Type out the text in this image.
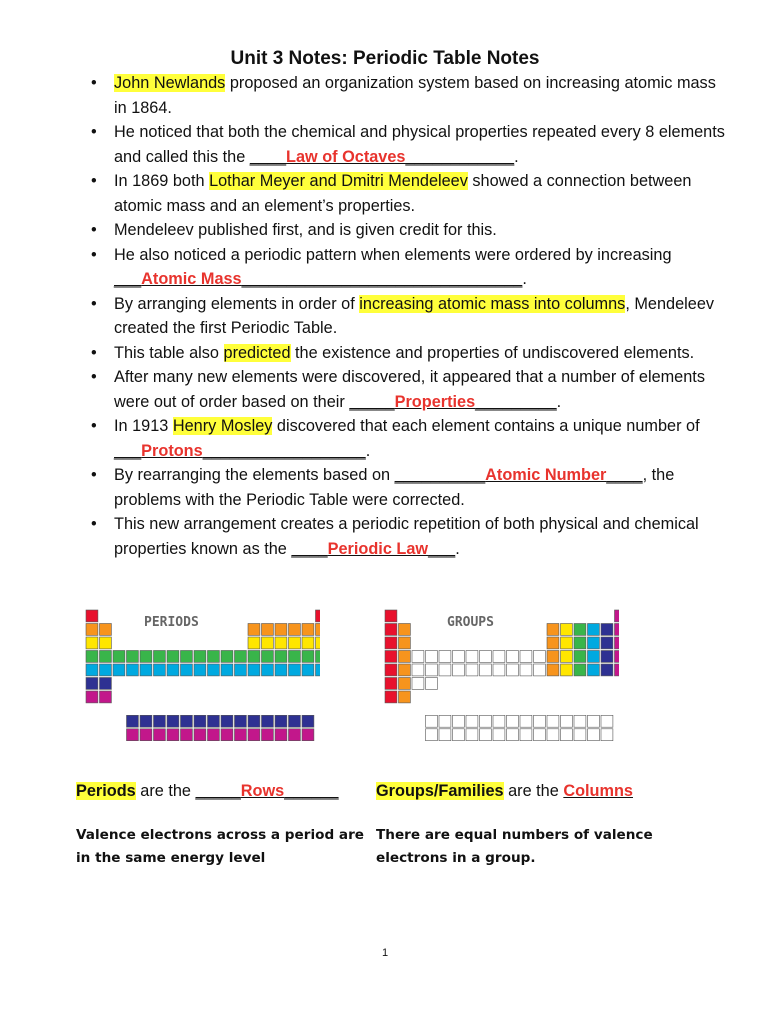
Unit 3 Notes: Periodic Table Notes
• John Newlands proposed an organization system based on increasing atomic mass in 1864.
• He noticed that both the chemical and physical properties repeated every 8 elements and called this the ____Law of Octaves____________.
• In 1869 both Lothar Meyer and Dmitri Mendeleev showed a connection between atomic mass and an element’s properties.
• Mendeleev published first, and is given credit for this.
• He also noticed a periodic pattern when elements were ordered by increasing ___Atomic Mass_______________________________.
• By arranging elements in order of increasing atomic mass into columns, Mendeleev created the first Periodic Table.
• This table also predicted the existence and properties of undiscovered elements.
• After many new elements were discovered, it appeared that a number of elements were out of order based on their _____Properties_________.
• In 1913 Henry Mosley discovered that each element contains a unique number of ___Protons__________________.
• By rearranging the elements based on __________Atomic Number____, the problems with the Periodic Table were corrected.
• This new arrangement creates a periodic repetition of both physical and chemical properties known as the ____Periodic Law___.
PERIODS	GROUPS
Periods are the _____Rows______ Groups/Families are the Columns
Valence electrons across a period are in the same energy level
There are equal numbers of valence electrons in a group.
1
